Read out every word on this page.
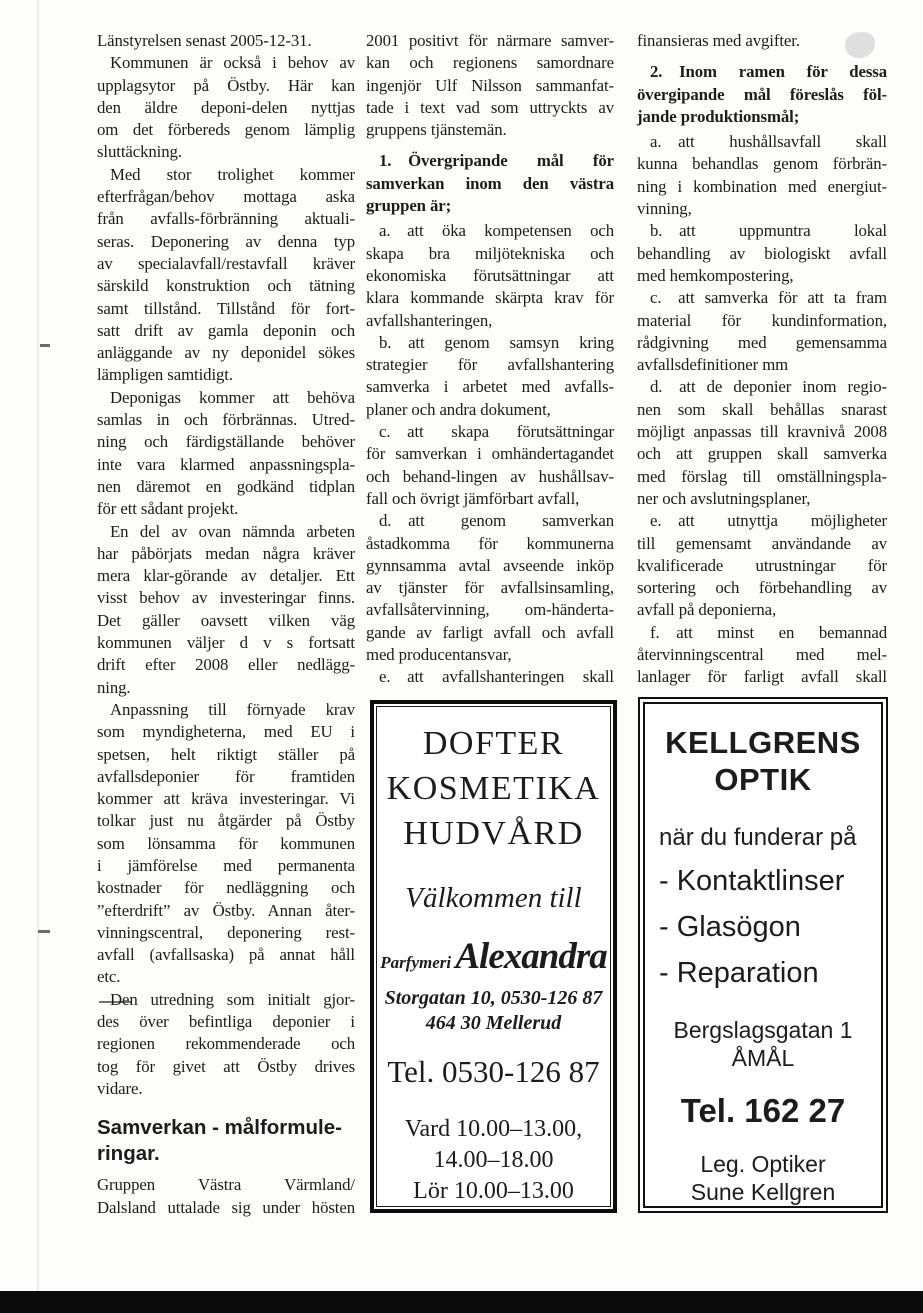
Länstyrelsen senast 2005-12-31.
Kommunen är också i behov av
upplagsytor på Östby. Här kan
den äldre deponi-delen nyttjas
om det förbereds genom lämplig
sluttäckning.
Med stor trolighet kommer
efterfrågan/behov mottaga aska
från avfalls-förbränning aktuali-
seras. Deponering av denna typ
av specialavfall/restavfall kräver
särskild konstruktion och tätning
samt tillstånd. Tillstånd för fort-
satt drift av gamla deponin och
anläggande av ny deponidel sökes
lämpligen samtidigt.
Deponigas kommer att behöva
samlas in och förbrännas. Utred-
ning och färdigställande behöver
inte vara klarmed anpassningspla-
nen däremot en godkänd tidplan
för ett sådant projekt.
En del av ovan nämnda arbeten
har påbörjats medan några kräver
mera klar-görande av detaljer. Ett
visst behov av investeringar finns.
Det gäller oavsett vilken väg
kommunen väljer d v s fortsatt
drift efter 2008 eller nedlägg-
ning.
Anpassning till förnyade krav
som myndigheterna, med EU i
spetsen, helt riktigt ställer på
avfallsdeponier för framtiden
kommer att kräva investeringar. Vi
tolkar just nu åtgärder på Östby
som lönsamma för kommunen
i jämförelse med permanenta
kostnader för nedläggning och
”efterdrift” av Östby. Annan åter-
vinningscentral, deponering rest-
avfall (avfallsaska) på annat håll
etc.
Den utredning som initialt gjor-
des över befintliga deponier i
regionen rekommenderade och
tog för givet att Östby drives
vidare.
Samverkan - målformule-
ringar.
Gruppen Västra Värmland/
Dalsland uttalade sig under hösten
2001 positivt för närmare samver-
kan och regionens samordnare
ingenjör Ulf Nilsson sammanfat-
tade i text vad som uttryckts av
gruppens tjänstemän.
1. Övergripande mål för
samverkan inom den västra
gruppen är;
a. att öka kompetensen och
skapa bra miljötekniska och
ekonomiska förutsättningar att
klara kommande skärpta krav för
avfallshanteringen,
b. att genom samsyn kring
strategier för avfallshantering
samverka i arbetet med avfalls-
planer och andra dokument,
c. att skapa förutsättningar
för samverkan i omhändertagandet
och behand-lingen av hushållsav-
fall och övrigt jämförbart avfall,
d. att genom samverkan
åstadkomma för kommunerna
gynnsamma avtal avseende inköp
av tjänster för avfallsinsamling,
avfallsåtervinning, om-händerta-
gande av farligt avfall och avfall
med producentansvar,
e. att avfallshanteringen skall
finansieras med avgifter.
2. Inom ramen för dessa
övergipande mål föreslås föl-
jande produktionsmål;
a. att hushållsavfall skall
kunna behandlas genom förbrän-
ning i kombination med energiut-
vinning,
b. att uppmuntra lokal
behandling av biologiskt avfall
med hemkompostering,
c. att samverka för att ta fram
material för kundinformation,
rådgivning med gemensamma
avfallsdefinitioner mm
d. att de deponier inom regio-
nen som skall behållas snarast
möjligt anpassas till kravnivå 2008
och att gruppen skall samverka
med förslag till omställningspla-
ner och avslutningsplaner,
e. att utnyttja möjligheter
till gemensamt användande av
kvalificerade utrustningar för
sortering och förbehandling av
avfall på deponierna,
f. att minst en bemannad
återvinningscentral med mel-
lanlager för farligt avfall skall
DOFTER
KOSMETIKA
HUDVÅRD
Välkommen till
Parfymeri Alexandra
Storgatan 10, 0530-126 87
464 30 Mellerud
Tel. 0530-126 87
Vard 10.00–13.00,
14.00–18.00
Lör 10.00–13.00
KELLGRENS
OPTIK
när du funderar på
- Kontaktlinser
- Glasögon
- Reparation
Bergslagsgatan 1
ÅMÅL
Tel. 162 27
Leg. Optiker
Sune Kellgren
